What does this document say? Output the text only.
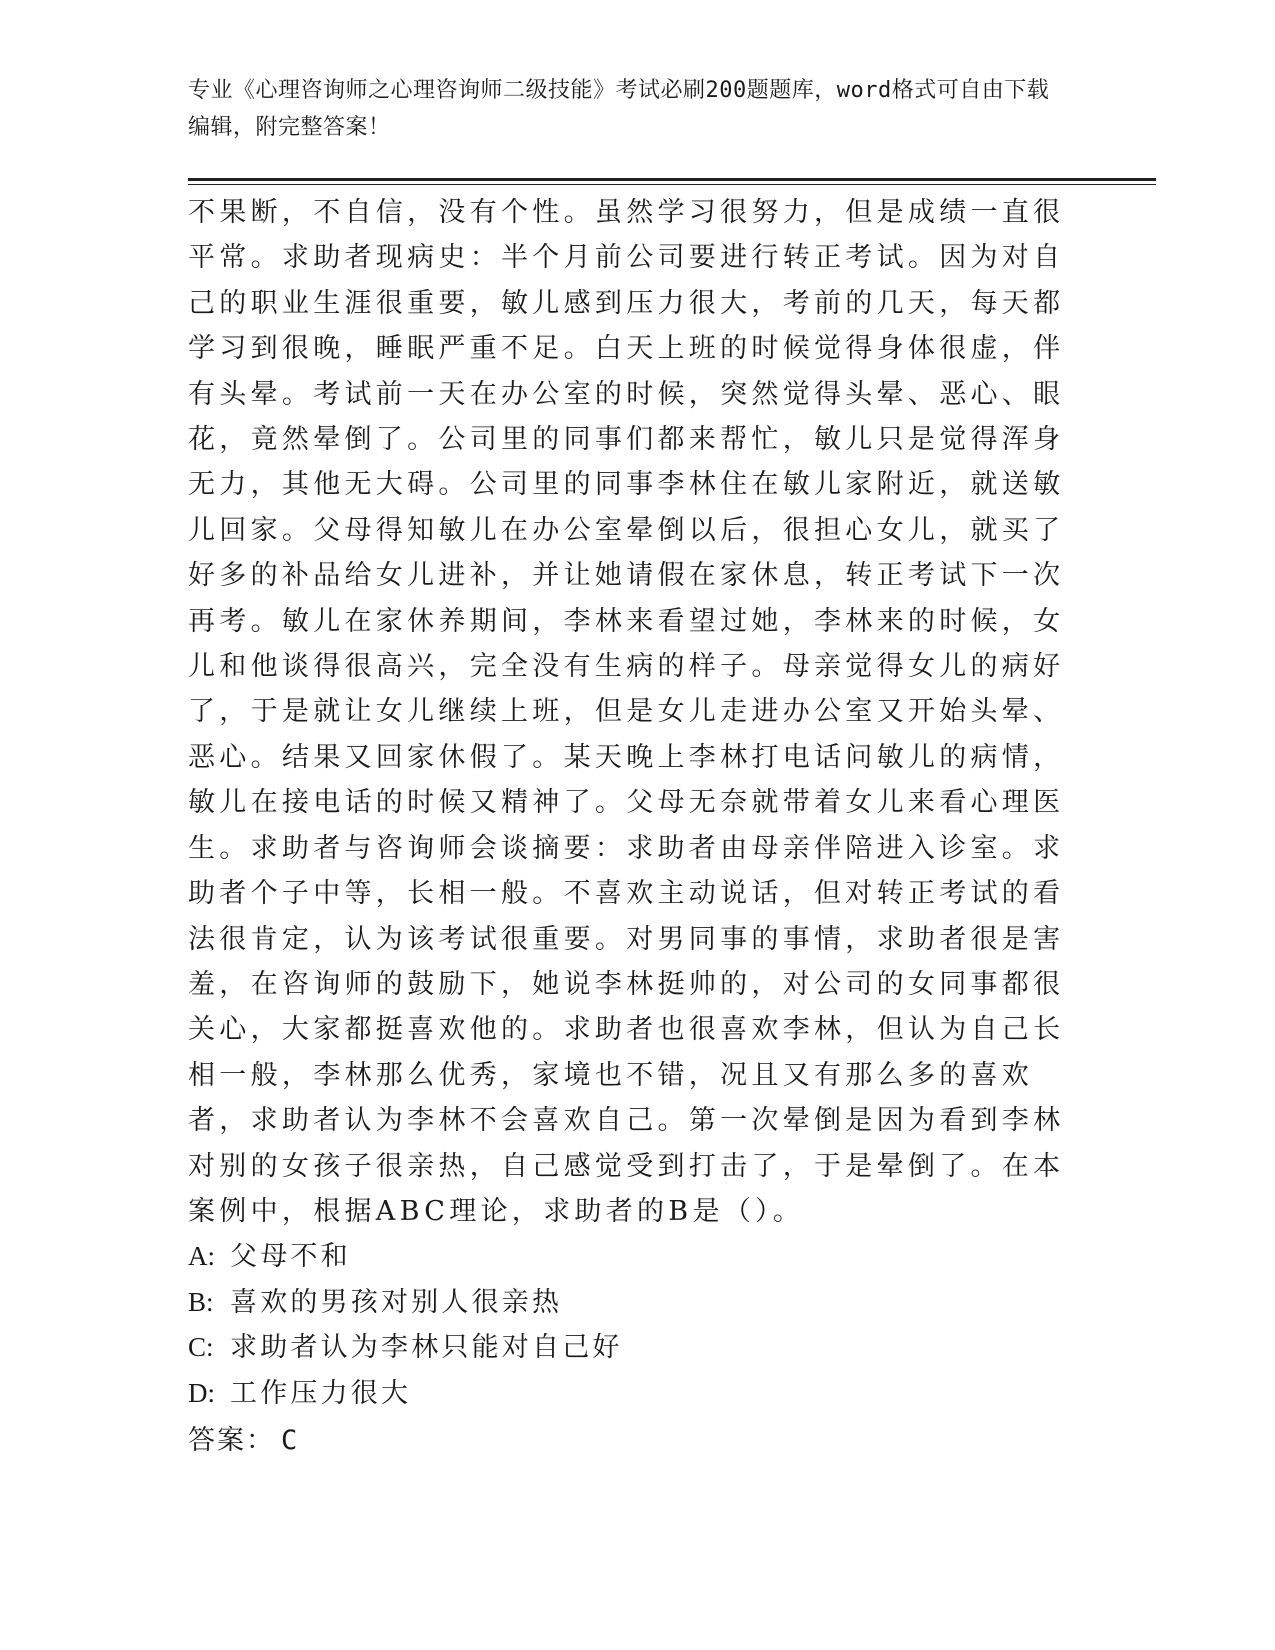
专业《心理咨询师之心理咨询师二级技能》考试必刷200题题库，word格式可自由下载编辑，附完整答案！

不果断，不自信，没有个性。虽然学习很努力，但是成绩一直很平常。求助者现病史：半个月前公司要进行转正考试。因为对自己的职业生涯很重要，敏儿感到压力很大，考前的几天，每天都学习到很晚，睡眠严重不足。白天上班的时候觉得身体很虚，伴有头晕。考试前一天在办公室的时候，突然觉得头晕、恶心、眼花，竟然晕倒了。公司里的同事们都来帮忙，敏儿只是觉得浑身无力，其他无大碍。公司里的同事李林住在敏儿家附近，就送敏儿回家。父母得知敏儿在办公室晕倒以后，很担心女儿，就买了好多的补品给女儿进补，并让她请假在家休息，转正考试下一次再考。敏儿在家休养期间，李林来看望过她，李林来的时候，女儿和他谈得很高兴，完全没有生病的样子。母亲觉得女儿的病好了，于是就让女儿继续上班，但是女儿走进办公室又开始头晕、恶心。结果又回家休假了。某天晚上李林打电话问敏儿的病情，敏儿在接电话的时候又精神了。父母无奈就带着女儿来看心理医生。求助者与咨询师会谈摘要：求助者由母亲伴陪进入诊室。求助者个子中等，长相一般。不喜欢主动说话，但对转正考试的看法很肯定，认为该考试很重要。对男同事的事情，求助者很是害羞，在咨询师的鼓励下，她说李林挺帅的，对公司的女同事都很关心，大家都挺喜欢他的。求助者也很喜欢李林，但认为自己长相一般，李林那么优秀，家境也不错，况且又有那么多的喜欢者，求助者认为李林不会喜欢自己。第一次晕倒是因为看到李林对别的女孩子很亲热，自己感觉受到打击了，于是晕倒了。在本案例中，根据ABC理论，求助者的B是（）。

A: 父母不和
B: 喜欢的男孩对别人很亲热
C: 求助者认为李林只能对自己好
D: 工作压力很大
答案： C
